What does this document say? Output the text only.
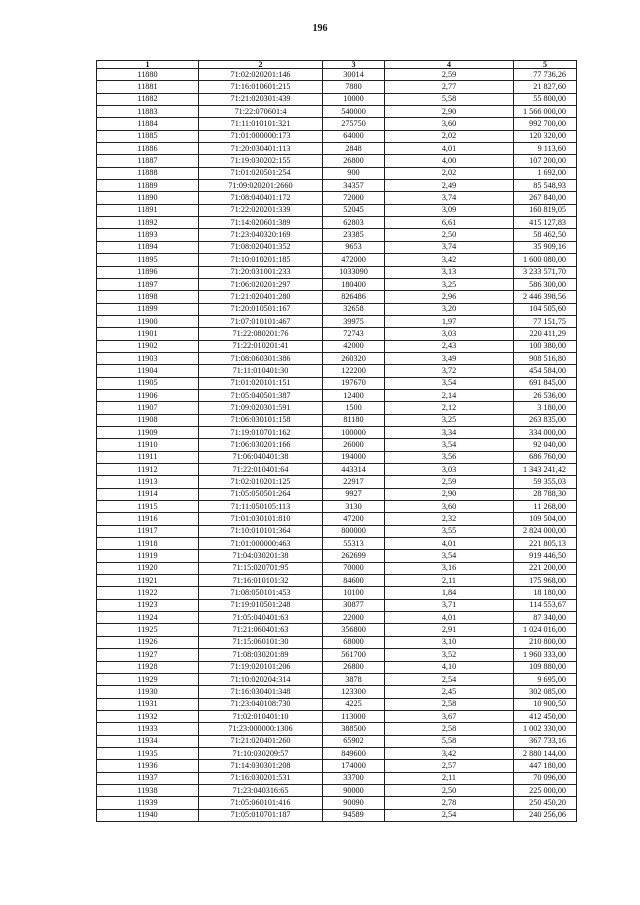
196
1	2	3	4	5
11880	71:02:020201:146	30014	2,59	77 736,26
11881	71:16:010601:215	7880	2,77	21 827,60
11882	71:21:020301:439	10000	5,58	55 800,00
11883	71:22:070601:4	540000	2,90	1 566 000,00
11884	71:11:010101:321	275750	3,60	992 700,00
11885	71:01:000000:173	64000	2,02	120 320,00
11886	71:20:030401:113	2848	4,01	9 113,60
11887	71:19:030202:155	26800	4,00	107 200,00
11888	71:01:020501:254	900	2,02	1 692,00
11889	71:09:020201:2660	34357	2,49	85 548,93
11890	71:08:040401:172	72000	3,74	267 840,00
11891	71:22:020201:339	52045	3,09	160 819,05
11892	71:14:020601:389	62803	6,61	415 127,83
11893	71:23:040320:169	23385	2,50	58 462,50
11894	71:08:020401:352	9653	3,74	35 909,16
11895	71:10:010201:185	472000	3,42	1 600 080,00
11896	71:20:031001:233	1033090	3,13	3 233 571,70
11897	71:06:020201:297	180400	3,25	586 300,00
11898	71:21:020401:280	826486	2,96	2 446 398,56
11899	71:20:010501:167	32658	3,20	104 505,60
11900	71:07:010101:467	39975	1,97	77 151,75
11901	71:22:080201:76	72743	3,03	220 411,29
11902	71:22:010201:41	42000	2,43	100 380,00
11903	71:08:060301:386	260320	3,49	908 516,80
11904	71:11:010401:30	122200	3,72	454 584,00
11905	71:01:020101:151	197670	3,54	691 845,00
11906	71:05:040501:387	12400	2,14	26 536,00
11907	71:09:020301:591	1500	2,12	3 180,00
11908	71:06:030101:158	81180	3,25	263 835,00
11909	71:19:010701:162	100000	3,34	334 000,00
11910	71:06:030201:166	26000	3,54	92 040,00
11911	71:06:040401:38	194000	3,56	686 760,00
11912	71:22:010401:64	443314	3,03	1 343 241,42
11913	71:02:010201:125	22917	2,59	59 355,03
11914	71:05:050501:264	9927	2,90	28 788,30
11915	71:11:050105:113	3130	3,60	11 268,00
11916	71:01:030101:810	47200	2,32	109 504,00
11917	71:10:010101:364	800000	3,55	2 824 000,00
11918	71:01:000000:463	55313	4,01	221 805,13
11919	71:04:030201:38	262699	3,54	919 446,50
11920	71:15:020701:95	70000	3,16	221 200,00
11921	71:16:010101:32	84600	2,11	175 968,00
11922	71:08:050101:453	10100	1,84	18 180,00
11923	71:19:010501:248	30877	3,71	114 553,67
11924	71:05:040401:63	22000	4,01	87 340,00
11925	71:21:060401:63	356800	2,91	1 024 016,00
11926	71:15:060101:30	68000	3,10	210 800,00
11927	71:08:030201:89	561700	3,52	1 960 333,00
11928	71:19:020101:206	26800	4,10	109 880,00
11929	71:10:020204:314	3878	2,54	9 695,00
11930	71:16:030401:348	123300	2,45	302 085,00
11931	71:23:040108:730	4225	2,58	10 900,50
11932	71:02:010401:10	113000	3,67	412 450,00
11933	71:23:000000:1306	388500	2,58	1 002 330,00
11934	71:21:020401:260	65902	5,58	367 733,16
11935	71:10:030209:57	849600	3,42	2 880 144,00
11936	71:14:030301:208	174000	2,57	447 180,00
11937	71:16:030201:531	33700	2,11	70 096,00
11938	71:23:040316:65	90000	2,50	225 000,00
11939	71:05:060101:416	90090	2,78	250 450,20
11940	71:05:010701:187	94589	2,54	240 256,06
